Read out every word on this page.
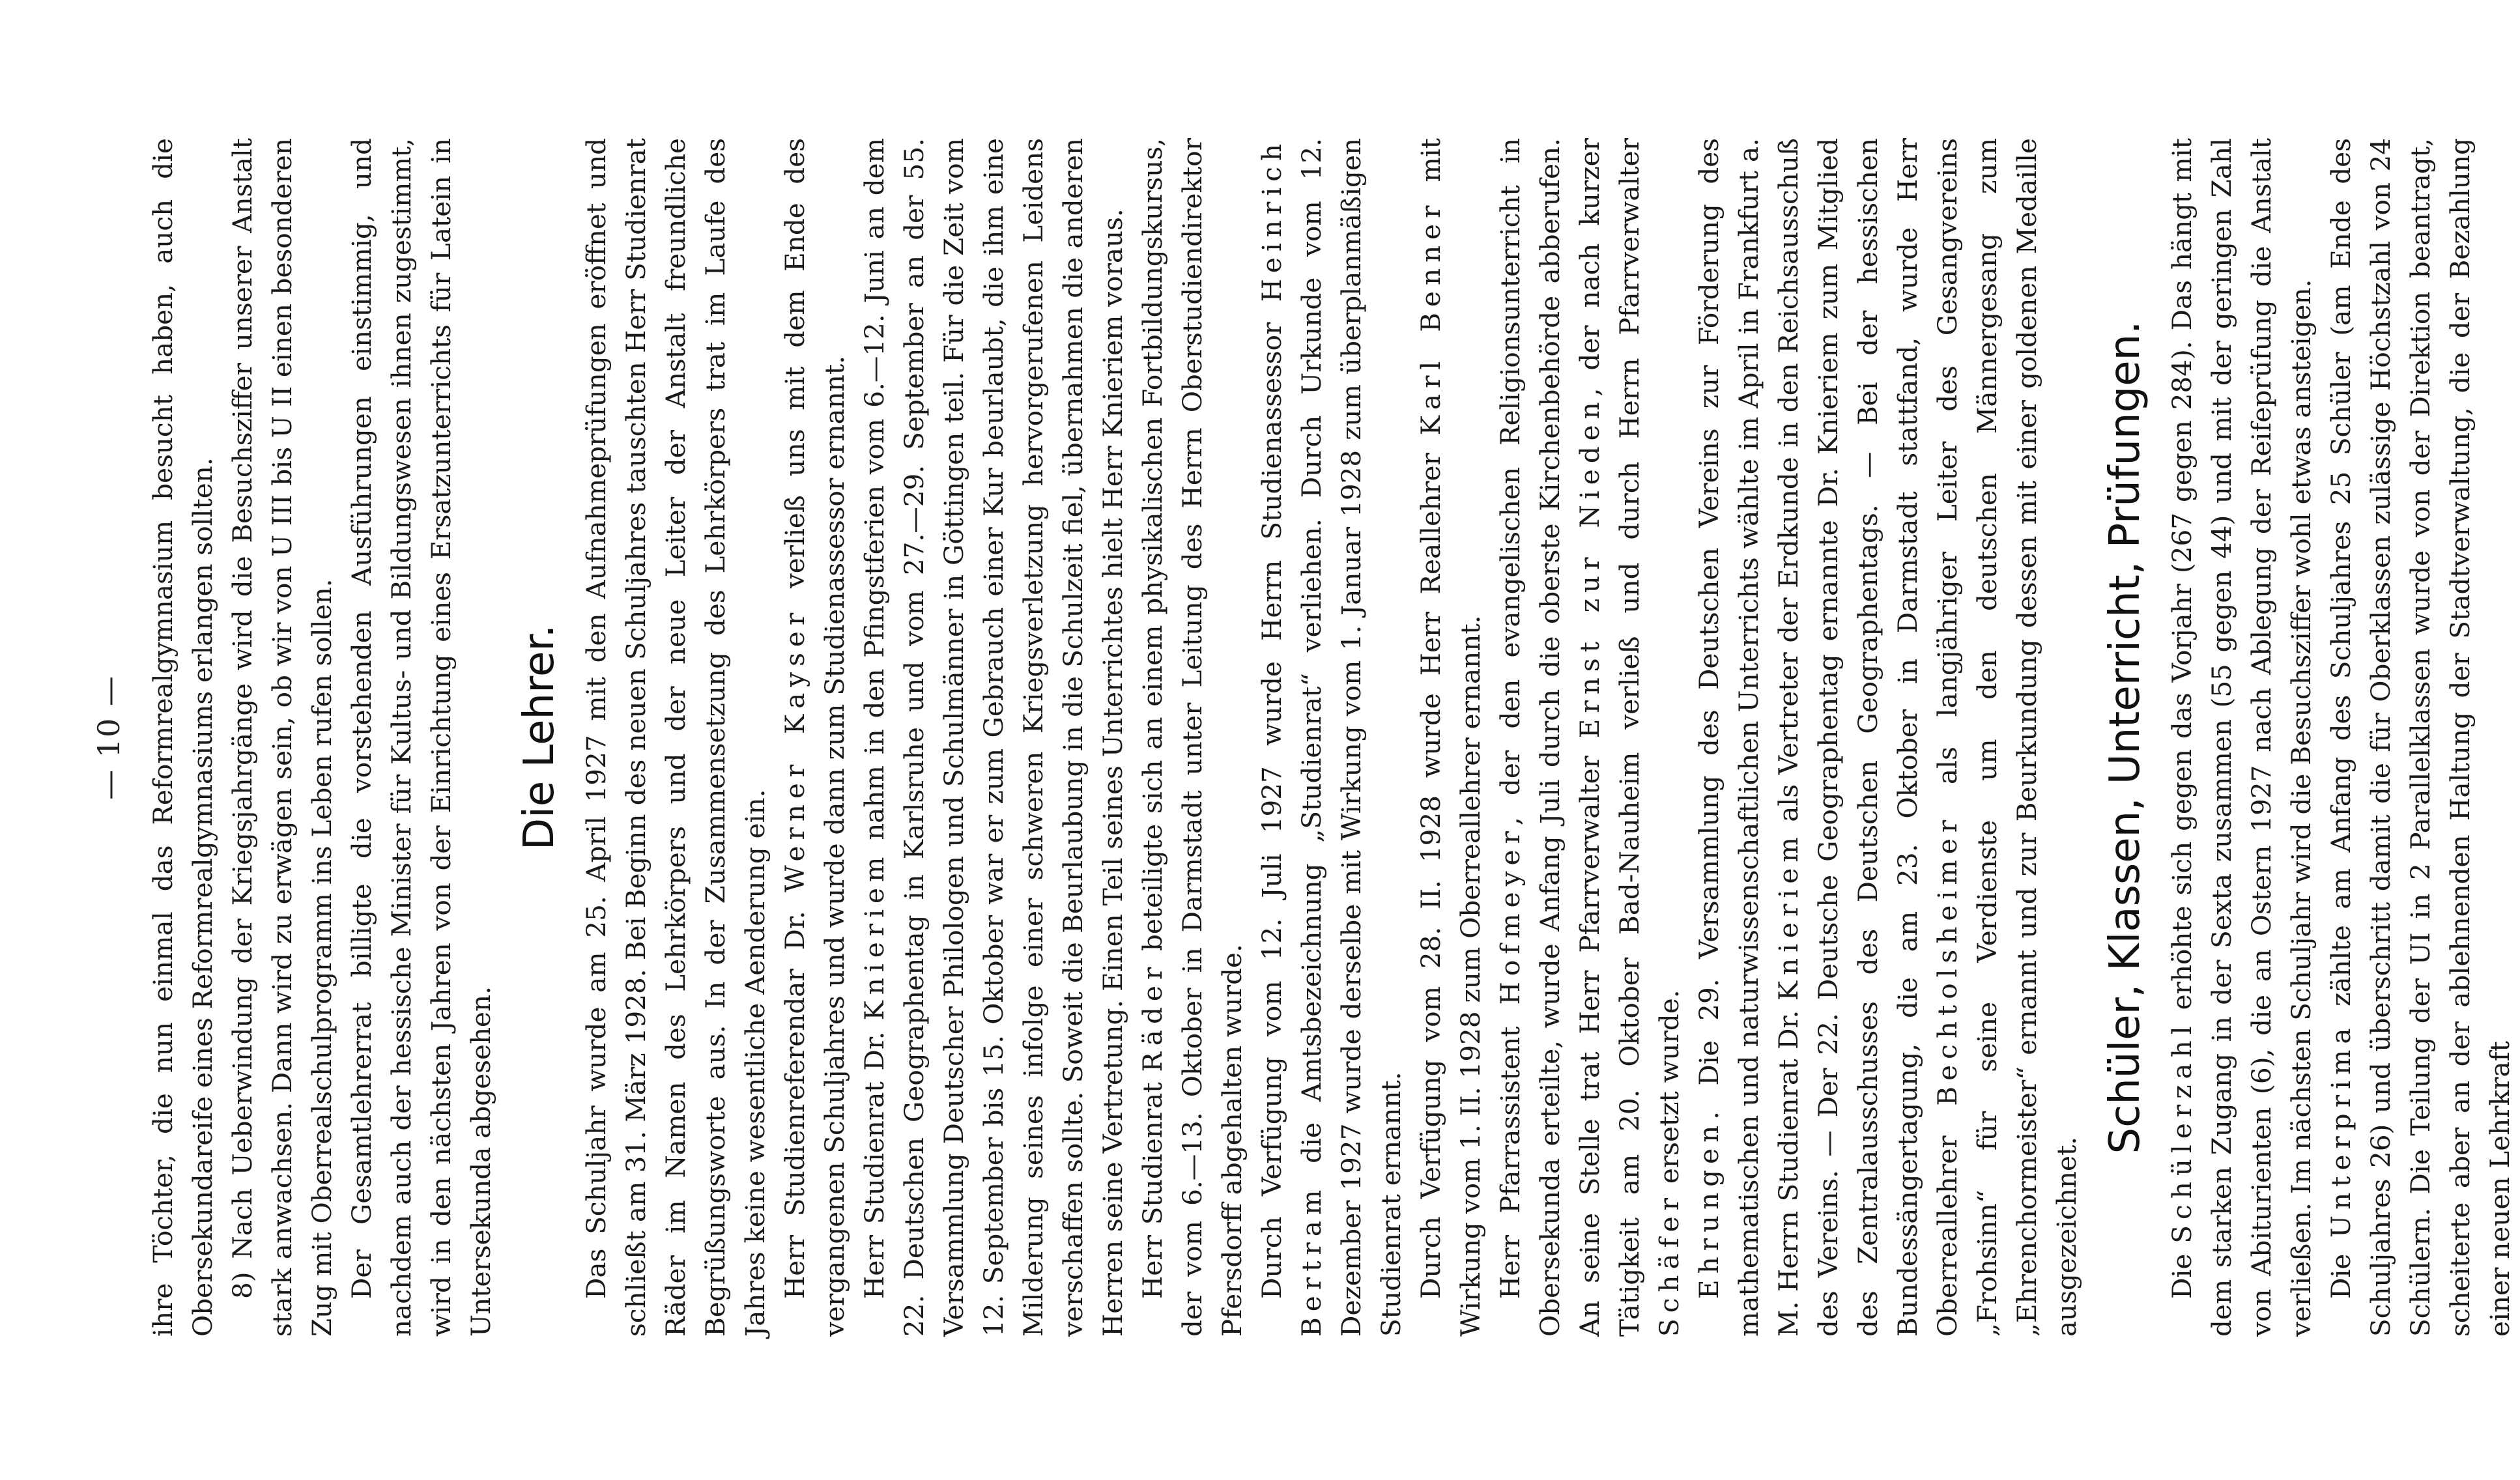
— 10 — ihre Töchter, die nun einmal das Reformrealgymnasium besucht haben, auch die Obersekundareife eines Reformrealgymnasiums erlangen sollten. 8) Nach Ueberwindung der Kriegsjahrgänge wird die Besuchsziffer unserer Anstalt stark anwachsen. Dann wird zu erwägen sein, ob wir von U III bis U II einen besonderen Zug mit Oberrealschulprogramm ins Leben rufen sollen. Der Gesamtlehrerrat billigte die vorstehenden Ausführungen einstimmig, und nachdem auch der hessische Minister für Kultus- und Bildungswesen ihnen zugestimmt, wird in den nächsten Jahren von der Einrichtung eines Ersatzunterrichts für Latein in Untersekunda abgesehen.

Die Lehrer. Das Schuljahr wurde am 25. April 1927 mit den Aufnahmeprüfungen eröffnet und schließt am 31. März 1928. Bei Beginn des neuen Schuljahres tauschten Herr Studienrat Räder im Namen des Lehrkörpers und der neue Leiter der Anstalt freundliche Begrüßungsworte aus. In der Zusammensetzung des Lehrkörpers trat im Laufe des Jahres keine wesentliche Aenderung ein. Herr Studienreferendar Dr. Werner Kayser verließ uns mit dem Ende des vergangenen Schuljahres und wurde dann zum Studienassessor ernannt. Herr Studienrat Dr. Knieriem nahm in den Pfingstferien vom 6.—12. Juni an dem 22. Deutschen Geographentag in Karlsruhe und vom 27.—29. September an der 55. Versammlung Deutscher Philologen und Schulmänner in Göttingen teil. Für die Zeit vom 12. September bis 15. Oktober war er zum Gebrauch einer Kur beurlaubt, die ihm eine Milderung seines infolge einer schweren Kriegsverletzung hervorgerufenen Leidens verschaffen sollte. Soweit die Beurlaubung in die Schulzeit fiel, übernahmen die anderen Herren seine Vertretung. Einen Teil seines Unterrichtes hielt Herr Knieriem voraus. Herr Studienrat Räder beteiligte sich an einem physikalischen Fortbildungskursus, der vom 6.—13. Oktober in Darmstadt unter Leitung des Herrn Oberstudiendirektor Pfersdorff abgehalten wurde. Durch Verfügung vom 12. Juli 1927 wurde Herrn Studienassessor Heinrich Bertram die Amtsbezeichnung „Studienrat“ verliehen. Durch Urkunde vom 12. Dezember 1927 wurde derselbe mit Wirkung vom 1. Januar 1928 zum überplanmäßigen Studienrat ernannt. Durch Verfügung vom 28. II. 1928 wurde Herr Reallehrer Karl Benner mit Wirkung vom 1. II. 1928 zum Oberreallehrer ernannt. Herr Pfarrassistent Hofmeyer, der den evangelischen Religionsunterricht in Obersekunda erteilte, wurde Anfang Juli durch die oberste Kirchenbehörde abberufen. An seine Stelle trat Herr Pfarrverwalter Ernst zur Nieden, der nach kurzer Tätigkeit am 20. Oktober Bad-Nauheim verließ und durch Herrn Pfarrverwalter Schäfer ersetzt wurde.

Ehrungen. Die 29. Versammlung des Deutschen Vereins zur Förderung des mathematischen und naturwissenschaftlichen Unterrichts wählte im April in Frankfurt a. M. Herrn Studienrat Dr. Knieriem als Vertreter der Erdkunde in den Reichsausschuß des Vereins. — Der 22. Deutsche Geographentag ernannte Dr. Knieriem zum Mitglied des Zentralausschusses des Deutschen Geographentags. — Bei der hessischen Bundessängertagung, die am 23. Oktober in Darmstadt stattfand, wurde Herr Oberreallehrer Bechtolsheimer als langjähriger Leiter des Gesangvereins „Frohsinn“ für seine Verdienste um den deutschen Männergesang zum „Ehrenchormeister“ ernannt und zur Beurkundung dessen mit einer goldenen Medaille ausgezeichnet.

Schüler, Klassen, Unterricht, Prüfungen.

Die Schülerzahl erhöhte sich gegen das Vorjahr (267 gegen 284). Das hängt mit dem starken Zugang in der Sexta zusammen (55 gegen 44) und mit der geringen Zahl von Abiturienten (6), die an Ostern 1927 nach Ablegung der Reifeprüfung die Anstalt verließen. Im nächsten Schuljahr wird die Besuchsziffer wohl etwas ansteigen. Die Unterprima zählte am Anfang des Schuljahres 25 Schüler (am Ende des Schuljahres 26) und überschritt damit die für Oberklassen zulässige Höchstzahl von 24 Schülern. Die Teilung der UI in 2 Parallelklassen wurde von der Direktion beantragt, scheiterte aber an der ablehnenden Haltung der Stadtverwaltung, die der Bezahlung einer neuen Lehrkraft
